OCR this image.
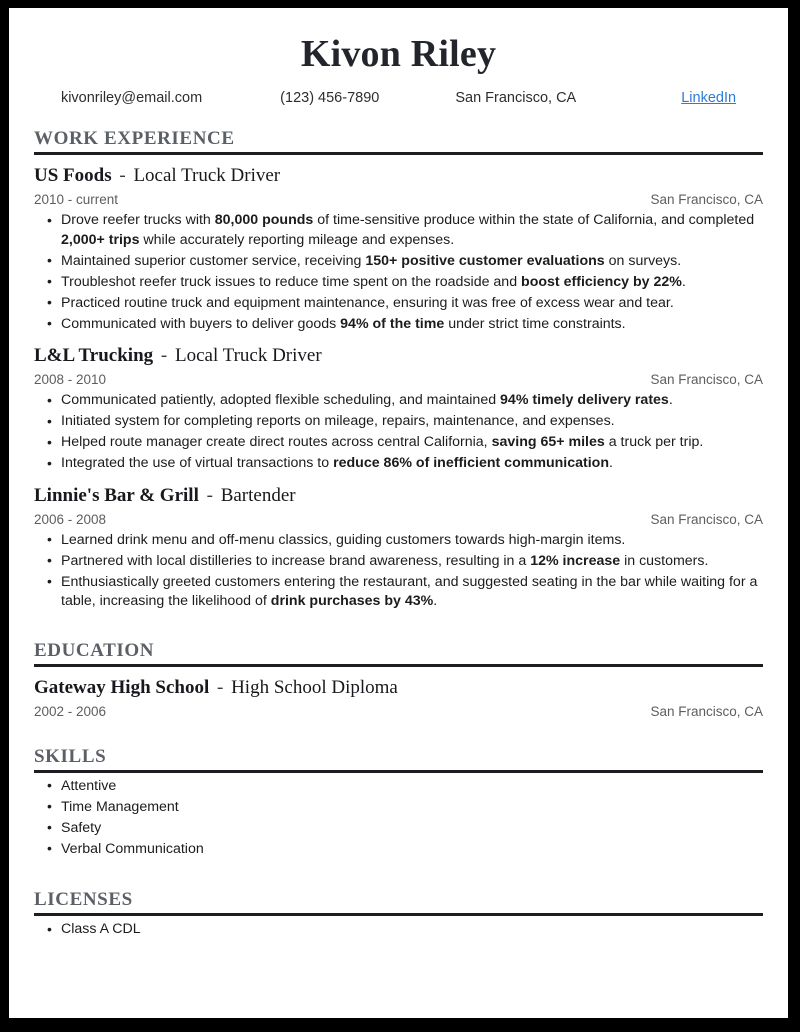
Kivon Riley
kivonriley@email.com	(123) 456-7890	San Francisco, CA	LinkedIn
WORK EXPERIENCE
US Foods - Local Truck Driver
2010 - current	San Francisco, CA
• Drove reefer trucks with 80,000 pounds of time-sensitive produce within the state of California, and completed 2,000+ trips while accurately reporting mileage and expenses.
• Maintained superior customer service, receiving 150+ positive customer evaluations on surveys.
• Troubleshot reefer truck issues to reduce time spent on the roadside and boost efficiency by 22%.
• Practiced routine truck and equipment maintenance, ensuring it was free of excess wear and tear.
• Communicated with buyers to deliver goods 94% of the time under strict time constraints.
L&L Trucking - Local Truck Driver
2008 - 2010	San Francisco, CA
• Communicated patiently, adopted flexible scheduling, and maintained 94% timely delivery rates.
• Initiated system for completing reports on mileage, repairs, maintenance, and expenses.
• Helped route manager create direct routes across central California, saving 65+ miles a truck per trip.
• Integrated the use of virtual transactions to reduce 86% of inefficient communication.
Linnie's Bar & Grill - Bartender
2006 - 2008	San Francisco, CA
• Learned drink menu and off-menu classics, guiding customers towards high-margin items.
• Partnered with local distilleries to increase brand awareness, resulting in a 12% increase in customers.
• Enthusiastically greeted customers entering the restaurant, and suggested seating in the bar while waiting for a table, increasing the likelihood of drink purchases by 43%.
EDUCATION
Gateway High School - High School Diploma
2002 - 2006	San Francisco, CA
SKILLS
• Attentive
• Time Management
• Safety
• Verbal Communication
LICENSES
• Class A CDL
